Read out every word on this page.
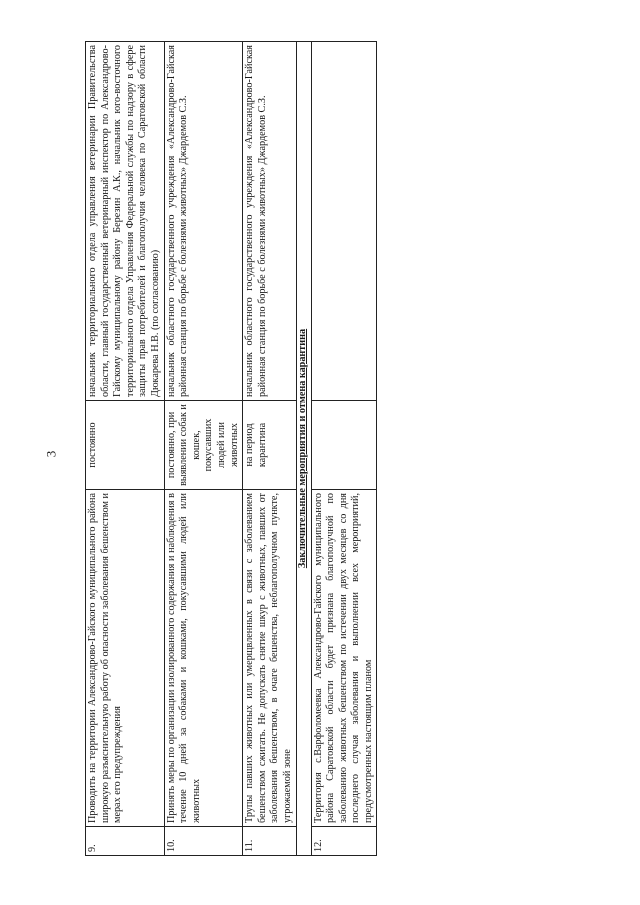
3
9.	Проводить на территории Александрово-Гайского муниципального района широкую разъяснительную работу об опасности заболевания бешенством и мерах его предупреждения	постоянно	начальник территориального отдела управления ветеринарии Правительства области, главный государственный ветеринарный инспектор по Александрово-Гайскому муниципальному району Березин А.К., начальник юго-восточного территориального отдела Управления Федеральной службы по надзору в сфере защиты прав потребителей и благополучия человека по Саратовской области Дюкарева Н.В. (по согласованию)
10.	Принять меры по организации изолированного содержания и наблюдения в течение 10 дней за собаками и кошками, покусавшими людей или животных	постоянно, при выявлении собак и кошек, покусавших людей или животных	начальник областного государственного учреждения «Александрово-Гайская районная станция по борьбе с болезнями животных» Джардемов С.З.
11.	Трупы павших животных или умерщвленных в связи с заболеванием бешенством сжигать. Не допускать снятие шкур с животных, павших от заболевания бешенством, в очаге бешенства, неблагополучном пункте, угрожаемой зоне	на период карантина	начальник областного государственного учреждения «Александрово-Гайская районная станция по борьбе с болезнями животных» Джардемов С.З.
Заключительные мероприятия и отмена карантина			
12.	Территория с.Варфоломеевка Александрово-Гайского муниципального района Саратовской области будет признана благополучной по заболеванию животных бешенством по истечении двух месяцев со дня последнего случая заболевания и выполнении всех мероприятий, предусмотренных настоящим планом		
